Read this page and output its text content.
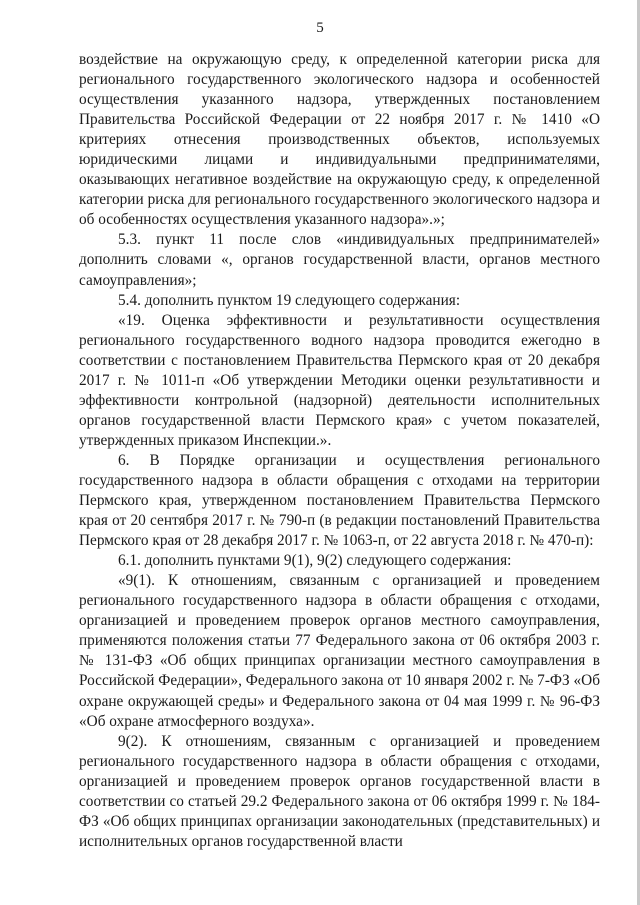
5

воздействие на окружающую среду, к определенной категории риска для регионального государственного экологического надзора и особенностей осуществления указанного надзора, утвержденных постановлением Правительства Российской Федерации от 22 ноября 2017 г. № 1410 «О критериях отнесения производственных объектов, используемых юридическими лицами и индивидуальными предпринимателями, оказывающих негативное воздействие на окружающую среду, к определенной категории риска для регионального государственного экологического надзора и об особенностях осуществления указанного надзора».»;

5.3. пункт 11 после слов «индивидуальных предпринимателей» дополнить словами «, органов государственной власти, органов местного самоуправления»;

5.4. дополнить пунктом 19 следующего содержания:

«19. Оценка эффективности и результативности осуществления регионального государственного водного надзора проводится ежегодно в соответствии с постановлением Правительства Пермского края от 20 декабря 2017 г. № 1011-п «Об утверждении Методики оценки результативности и эффективности контрольной (надзорной) деятельности исполнительных органов государственной власти Пермского края» с учетом показателей, утвержденных приказом Инспекции.».

6. В Порядке организации и осуществления регионального государственного надзора в области обращения с отходами на территории Пермского края, утвержденном постановлением Правительства Пермского края от 20 сентября 2017 г. № 790-п (в редакции постановлений Правительства Пермского края от 28 декабря 2017 г. № 1063-п, от 22 августа 2018 г. № 470-п):

6.1. дополнить пунктами 9(1), 9(2) следующего содержания:

«9(1). К отношениям, связанным с организацией и проведением регионального государственного надзора в области обращения с отходами, организацией и проведением проверок органов местного самоуправления, применяются положения статьи 77 Федерального закона от 06 октября 2003 г. № 131-ФЗ «Об общих принципах организации местного самоуправления в Российской Федерации», Федерального закона от 10 января 2002 г. № 7-ФЗ «Об охране окружающей среды» и Федерального закона от 04 мая 1999 г. № 96-ФЗ «Об охране атмосферного воздуха».

9(2). К отношениям, связанным с организацией и проведением регионального государственного надзора в области обращения с отходами, организацией и проведением проверок органов государственной власти в соответствии со статьей 29.2 Федерального закона от 06 октября 1999 г. № 184-ФЗ «Об общих принципах организации законодательных (представительных) и исполнительных органов государственной власти
